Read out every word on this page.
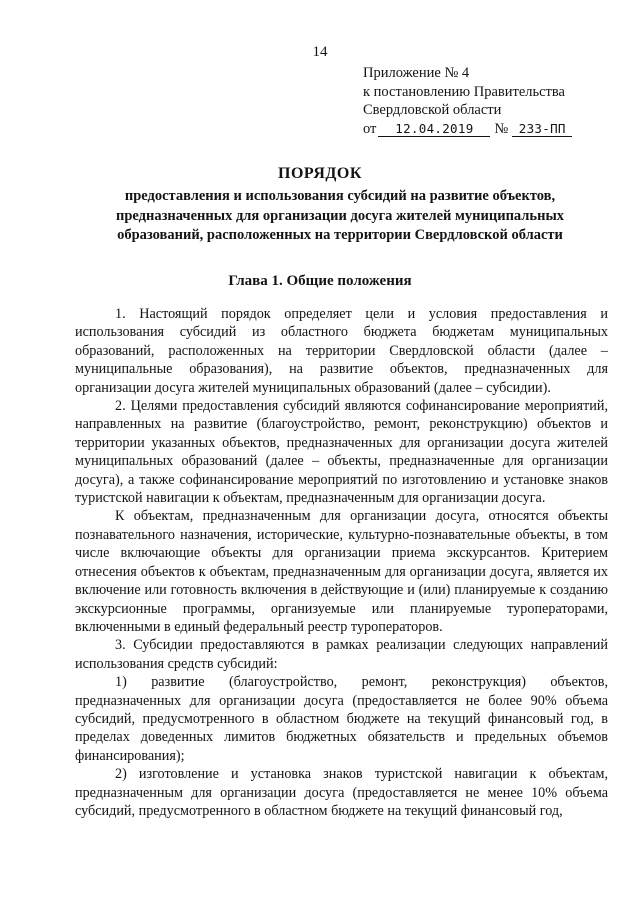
14
Приложение № 4
к постановлению Правительства
Свердловской области
от	12.04.2019	№ 233-ПП
ПОРЯДОК
предоставления и использования субсидий на развитие объектов, предназначенных для организации досуга жителей муниципальных образований, расположенных на территории Свердловской области
Глава 1. Общие положения

1. Настоящий порядок определяет цели и условия предоставления и использования субсидий из областного бюджета бюджетам муниципальных образований, расположенных на территории Свердловской области (далее – муниципальные образования), на развитие объектов, предназначенных для организации досуга жителей муниципальных образований (далее – субсидии).

2. Целями предоставления субсидий являются софинансирование мероприятий, направленных на развитие (благоустройство, ремонт, реконструкцию) объектов и территории указанных объектов, предназначенных для организации досуга жителей муниципальных образований (далее – объекты, предназначенные для организации досуга), а также софинансирование мероприятий по изготовлению и установке знаков туристской навигации к объектам, предназначенным для организации досуга.

К объектам, предназначенным для организации досуга, относятся объекты познавательного назначения, исторические, культурно-познавательные объекты, в том числе включающие объекты для организации приема экскурсантов. Критерием отнесения объектов к объектам, предназначенным для организации досуга, является их включение или готовность включения в действующие и (или) планируемые к созданию экскурсионные программы, организуемые или планируемые туроператорами, включенными в единый федеральный реестр туроператоров.

3. Субсидии предоставляются в рамках реализации следующих направлений использования средств субсидий:

1) развитие (благоустройство, ремонт, реконструкция) объектов, предназначенных для организации досуга (предоставляется не более 90% объема субсидий, предусмотренного в областном бюджете на текущий финансовый год, в пределах доведенных лимитов бюджетных обязательств и предельных объемов финансирования);

2) изготовление и установка знаков туристской навигации к объектам, предназначенным для организации досуга (предоставляется не менее 10% объема субсидий, предусмотренного в областном бюджете на текущий финансовый год,
